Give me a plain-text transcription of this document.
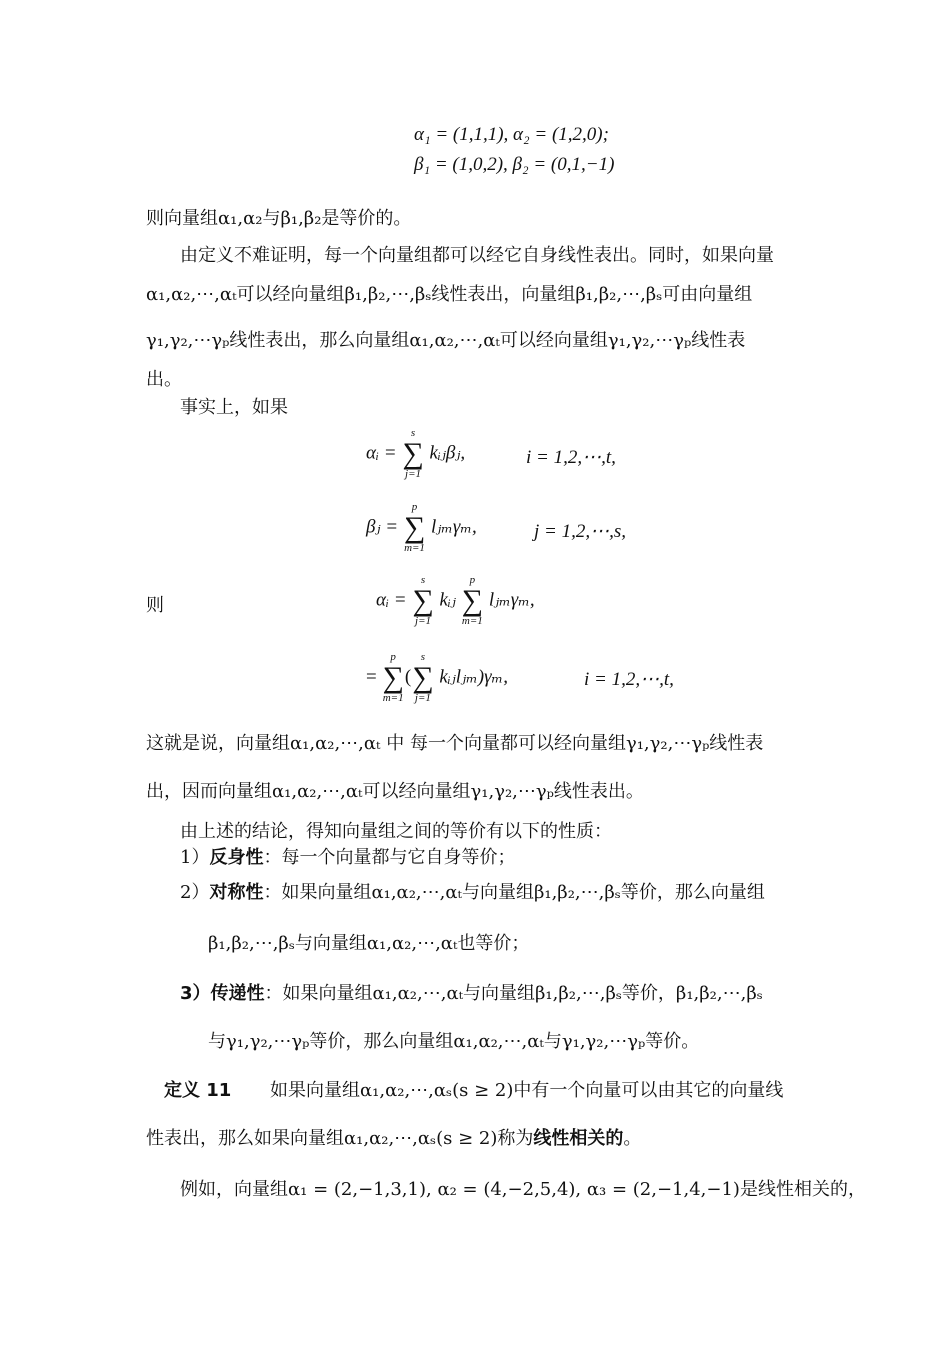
α₁ = (1,1,1), α₂ = (1,2,0);
β₁ = (1,0,2), β₂ = (0,1,−1)
则向量组α₁,α₂与β₁,β₂是等价的。
由定义不难证明，每一个向量组都可以经它自身线性表出。同时，如果向量
α₁,α₂,⋯,αₜ可以经向量组β₁,β₂,⋯,βₛ线性表出，向量组β₁,β₂,⋯,βₛ可由向量组
γ₁,γ₂,⋯γₚ线性表出，那么向量组α₁,α₂,⋯,αₜ可以经向量组γ₁,γ₂,⋯γₚ线性表
出。
事实上，如果
αᵢ =
s
∑
j=1
kᵢⱼβⱼ,	i = 1,2,⋯,t,
βⱼ =
p
∑
m=1
lⱼₘγₘ,	j = 1,2,⋯,s,
则	αᵢ =
s
∑
j=1
kᵢⱼ
p
∑
m=1
lⱼₘγₘ,
=
p
∑
m=1
(
s
∑
j=1
kᵢⱼlⱼₘ)γₘ,	i = 1,2,⋯,t,
这就是说，向量组α₁,α₂,⋯,αₜ 中 每一个向量都可以经向量组γ₁,γ₂,⋯γₚ线性表
出，因而向量组α₁,α₂,⋯,αₜ可以经向量组γ₁,γ₂,⋯γₚ线性表出。
由上述的结论，得知向量组之间的等价有以下的性质：
1）反身性：每一个向量都与它自身等价；
2）对称性：如果向量组α₁,α₂,⋯,αₜ与向量组β₁,β₂,⋯,βₛ等价，那么向量组
β₁,β₂,⋯,βₛ与向量组α₁,α₂,⋯,αₜ也等价；
3）传递性：如果向量组α₁,α₂,⋯,αₜ与向量组β₁,β₂,⋯,βₛ等价，β₁,β₂,⋯,βₛ
与γ₁,γ₂,⋯γₚ等价，那么向量组α₁,α₂,⋯,αₜ与γ₁,γ₂,⋯γₚ等价。
定义 11 如果向量组α₁,α₂,⋯,αₛ(s ≥ 2)中有一个向量可以由其它的向量线
性表出，那么如果向量组α₁,α₂,⋯,αₛ(s ≥ 2)称为线性相关的。
例如，向量组α₁ = (2,−1,3,1), α₂ = (4,−2,5,4), α₃ = (2,−1,4,−1)是线性相关的，
